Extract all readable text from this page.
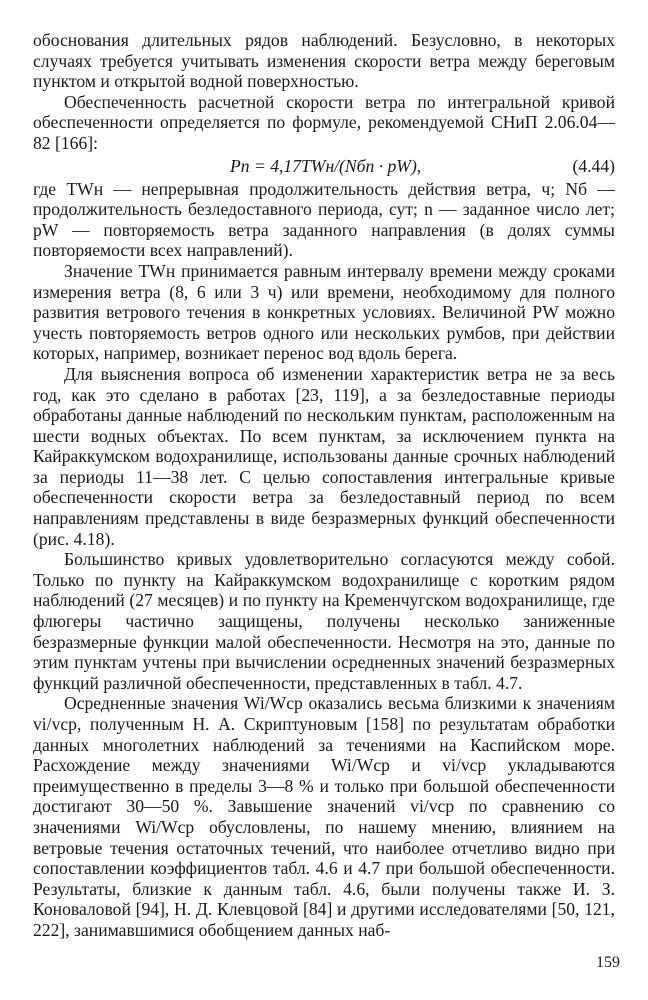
обоснования длительных рядов наблюдений. Безусловно, в некоторых случаях требуется учитывать изменения скорости ветра между береговым пунктом и открытой водной поверхностью.

Обеспеченность расчетной скорости ветра по интегральной кривой обеспеченности определяется по формуле, рекомендуемой СНиП 2.06.04—82 [166]:

Pn = 4,17TWн/(Nбn · pW),	(4.44)

где TWн — непрерывная продолжительность действия ветра, ч; Nб — продолжительность безледоставного периода, сут; n — заданное число лет; pW — повторяемость ветра заданного направления (в долях суммы повторяемости всех направлений).

Значение TWн принимается равным интервалу времени между сроками измерения ветра (8, 6 или 3 ч) или времени, необходимому для полного развития ветрового течения в конкретных условиях. Величиной PW можно учесть повторяемость ветров одного или нескольких румбов, при действии которых, например, возникает перенос вод вдоль берега.

Для выяснения вопроса об изменении характеристик ветра не за весь год, как это сделано в работах [23, 119], а за безледоставные периоды обработаны данные наблюдений по нескольким пунктам, расположенным на шести водных объектах. По всем пунктам, за исключением пункта на Кайраккумском водохранилище, использованы данные срочных наблюдений за периоды 11—38 лет. С целью сопоставления интегральные кривые обеспеченности скорости ветра за безледоставный период по всем направлениям представлены в виде безразмерных функций обеспеченности (рис. 4.18).

Большинство кривых удовлетворительно согласуются между собой. Только по пункту на Кайраккумском водохранилище с коротким рядом наблюдений (27 месяцев) и по пункту на Кременчугском водохранилище, где флюгеры частично защищены, получены несколько заниженные безразмерные функции малой обеспеченности. Несмотря на это, данные по этим пунктам учтены при вычислении осредненных значений безразмерных функций различной обеспеченности, представленных в табл. 4.7.

Осредненные значения Wi/Wср оказались весьма близкими к значениям vi/vср, полученным Н. А. Скриптуновым [158] по результатам обработки данных многолетних наблюдений за течениями на Каспийском море. Расхождение между значениями Wi/Wср и vi/vср укладываются преимущественно в пределы 3—8 % и только при большой обеспеченности достигают 30—50 %. Завышение значений vi/vср по сравнению со значениями Wi/Wср обусловлены, по нашему мнению, влиянием на ветровые течения остаточных течений, что наиболее отчетливо видно при сопоставлении коэффициентов табл. 4.6 и 4.7 при большой обеспеченности. Результаты, близкие к данным табл. 4.6, были получены также И. З. Коноваловой [94], Н. Д. Клевцовой [84] и другими исследователями [50, 121, 222], занимавшимися обобщением данных наб-

159
